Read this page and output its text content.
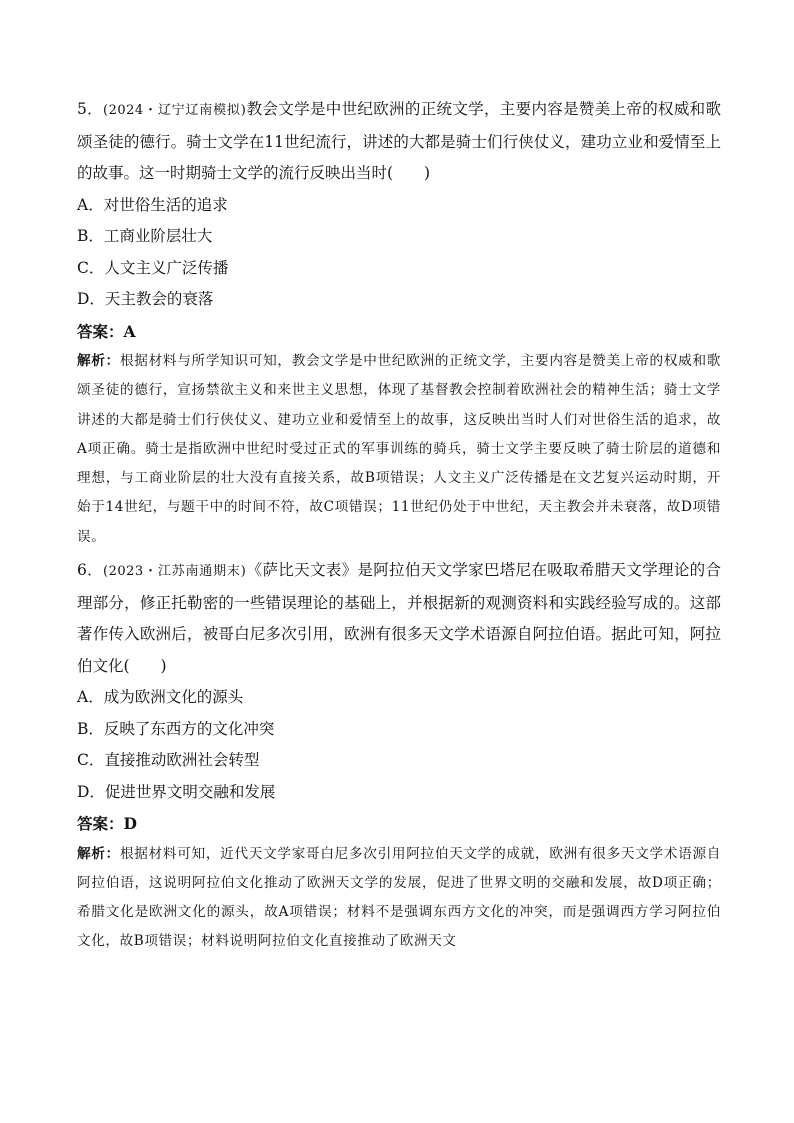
5．(2024・辽宁辽南模拟)教会文学是中世纪欧洲的正统文学，主要内容是赞美上帝的权威和歌颂圣徒的德行。骑士文学在11世纪流行，讲述的大都是骑士们行侠仗义，建功立业和爱情至上的故事。这一时期骑士文学的流行反映出当时(　　)

A．对世俗生活的追求

B．工商业阶层壮大

C．人文主义广泛传播

D．天主教会的衰落

答案：A

解析：根据材料与所学知识可知，教会文学是中世纪欧洲的正统文学，主要内容是赞美上帝的权威和歌颂圣徒的德行，宣扬禁欲主义和来世主义思想，体现了基督教会控制着欧洲社会的精神生活；骑士文学讲述的大都是骑士们行侠仗义、建功立业和爱情至上的故事，这反映出当时人们对世俗生活的追求，故A项正确。骑士是指欧洲中世纪时受过正式的军事训练的骑兵，骑士文学主要反映了骑士阶层的道德和理想，与工商业阶层的壮大没有直接关系，故B项错误；人文主义广泛传播是在文艺复兴运动时期，开始于14世纪，与题干中的时间不符，故C项错误；11世纪仍处于中世纪，天主教会并未衰落，故D项错误。

6．(2023・江苏南通期末)《萨比天文表》是阿拉伯天文学家巴塔尼在吸取希腊天文学理论的合理部分，修正托勒密的一些错误理论的基础上，并根据新的观测资料和实践经验写成的。这部著作传入欧洲后，被哥白尼多次引用，欧洲有很多天文学术语源自阿拉伯语。据此可知，阿拉伯文化(　　)

A．成为欧洲文化的源头

B．反映了东西方的文化冲突

C．直接推动欧洲社会转型

D．促进世界文明交融和发展

答案：D

解析：根据材料可知，近代天文学家哥白尼多次引用阿拉伯天文学的成就，欧洲有很多天文学术语源自阿拉伯语，这说明阿拉伯文化推动了欧洲天文学的发展，促进了世界文明的交融和发展，故D项正确；希腊文化是欧洲文化的源头，故A项错误；材料不是强调东西方文化的冲突，而是强调西方学习阿拉伯文化，故B项错误；材料说明阿拉伯文化直接推动了欧洲天文
